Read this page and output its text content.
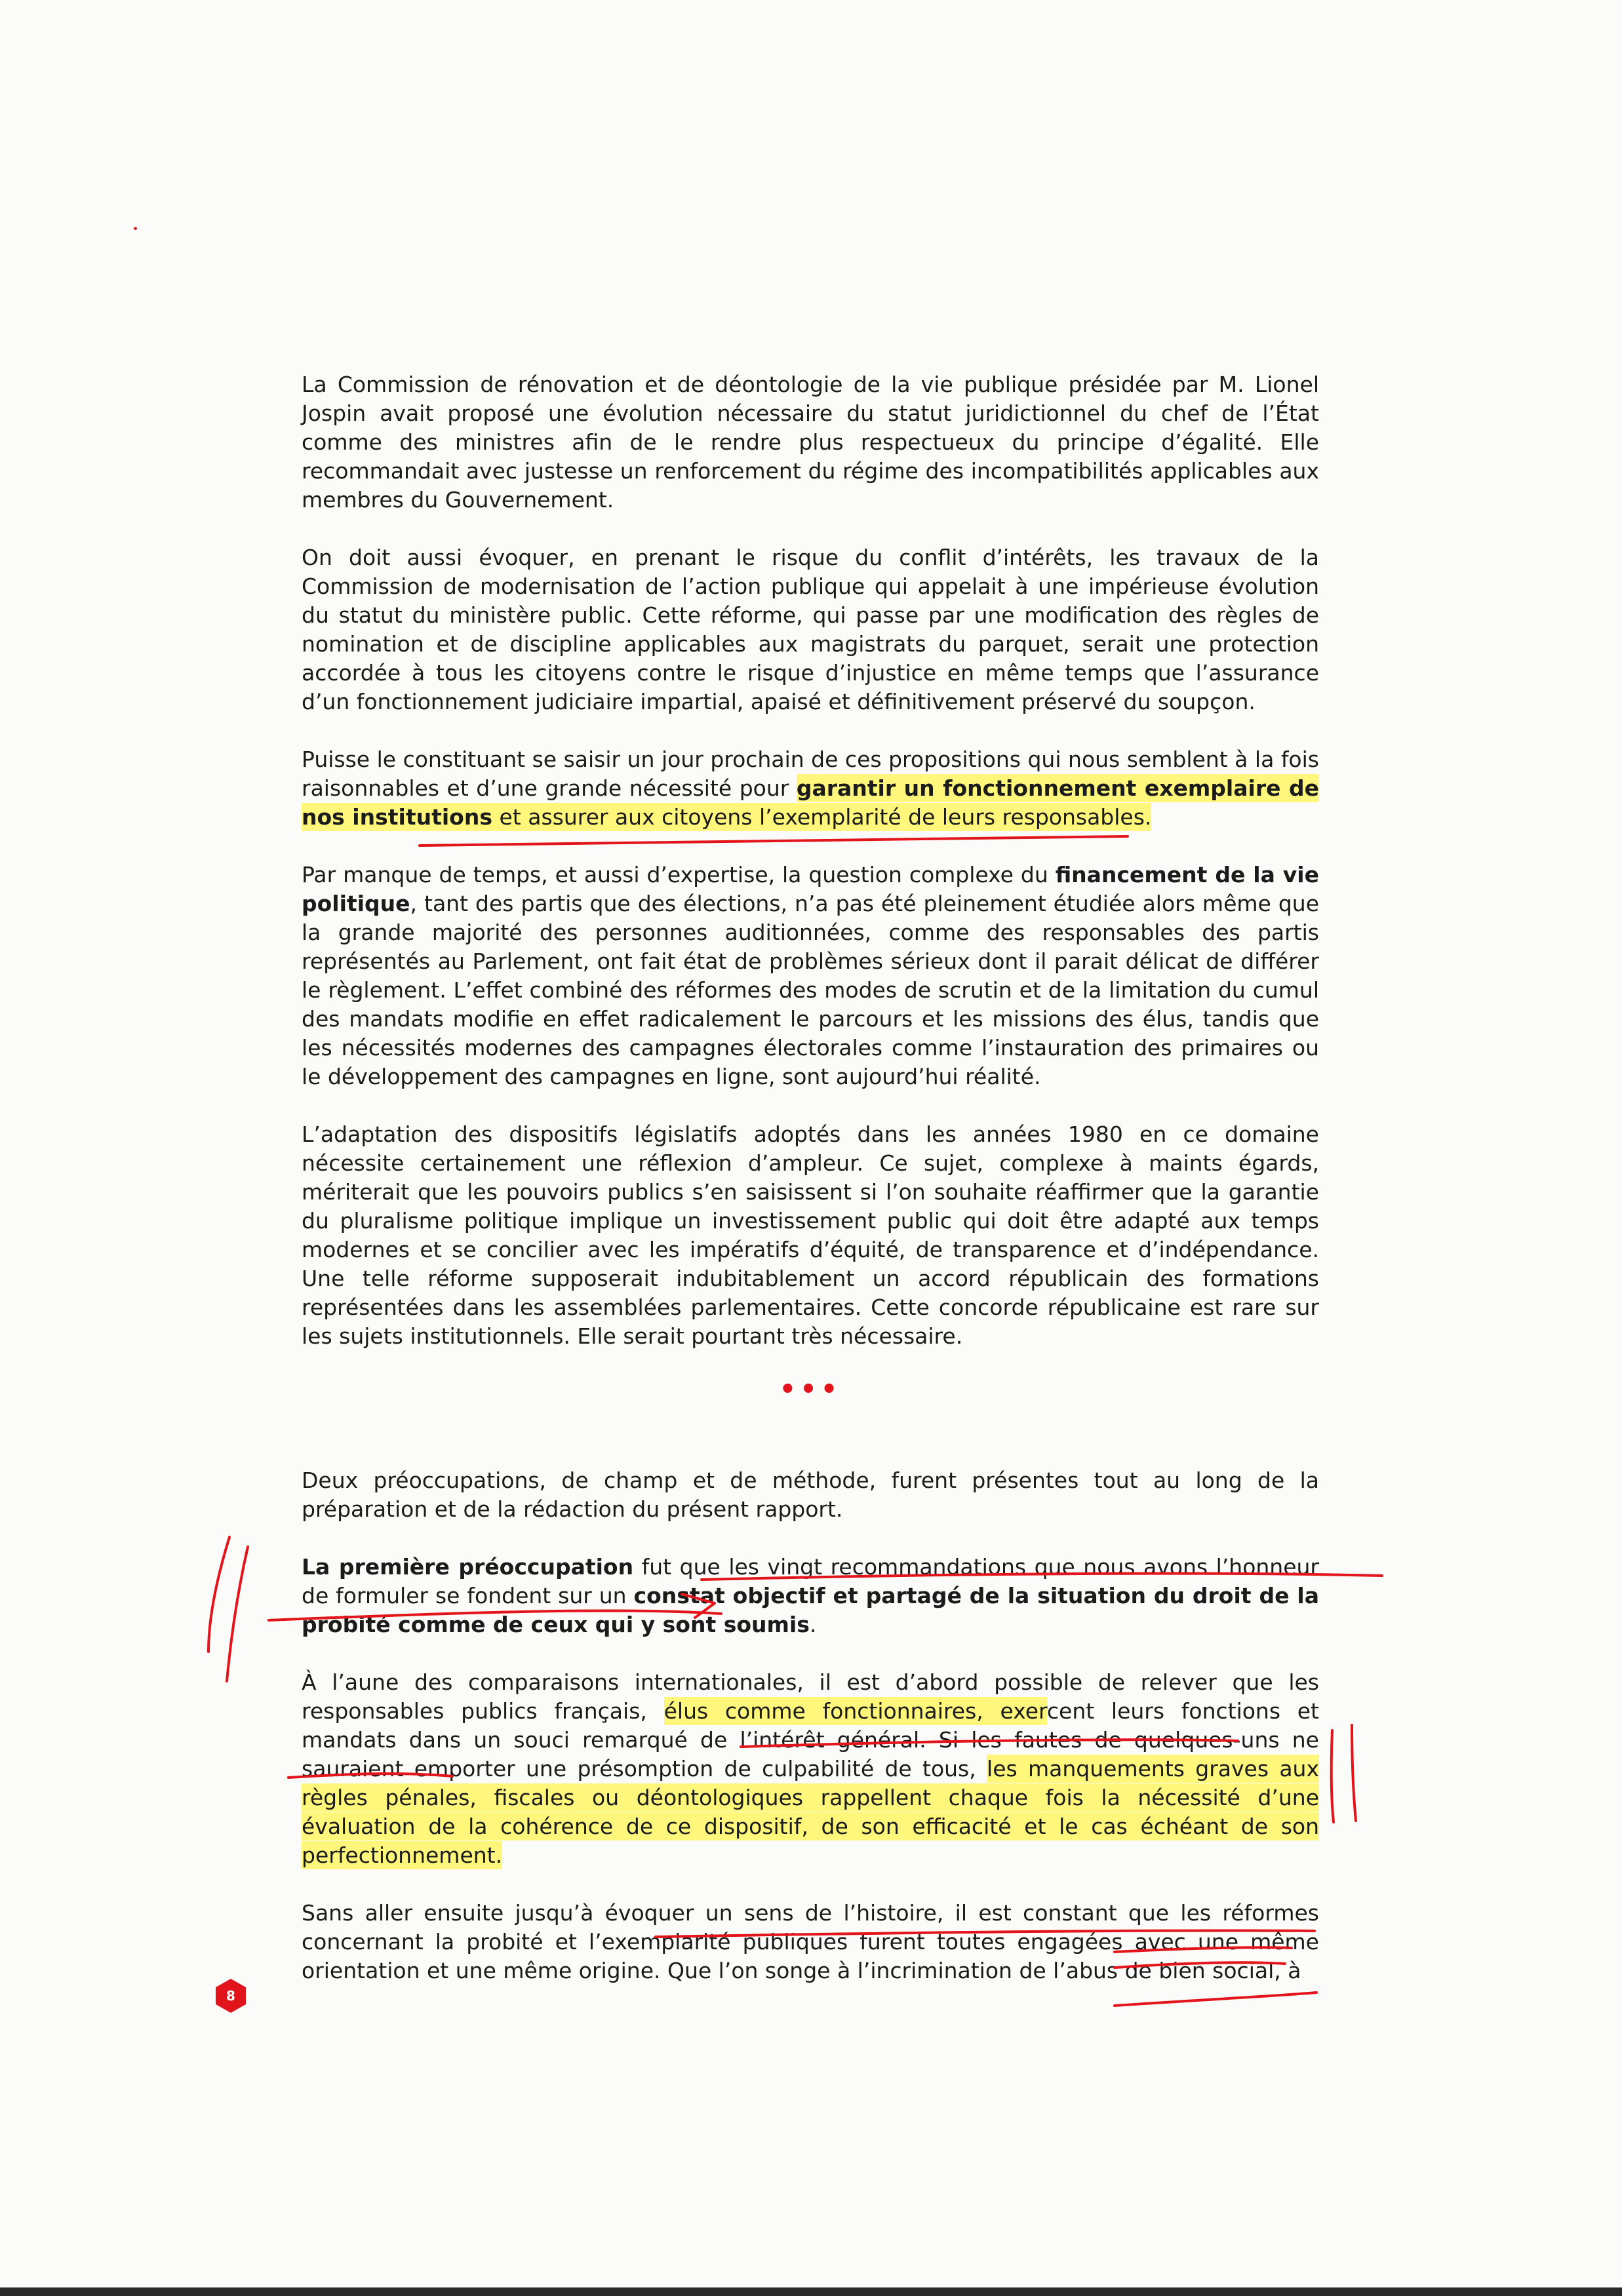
La Commission de rénovation et de déontologie de la vie publique présidée par M. Lionel Jospin avait proposé une évolution nécessaire du statut juridictionnel du chef de l’État comme des ministres afin de le rendre plus respectueux du principe d’égalité. Elle recommandait avec justesse un renforcement du régime des incompatibilités applicables aux membres du Gouvernement.

On doit aussi évoquer, en prenant le risque du conflit d’intérêts, les travaux de la Commission de modernisation de l’action publique qui appelait à une impérieuse évolution du statut du ministère public. Cette réforme, qui passe par une modification des règles de nomination et de discipline applicables aux magistrats du parquet, serait une protection accordée à tous les citoyens contre le risque d’injustice en même temps que l’assurance d’un fonctionnement judiciaire impartial, apaisé et définitivement préservé du soupçon.

Puisse le constituant se saisir un jour prochain de ces propositions qui nous semblent à la fois raisonnables et d’une grande nécessité pour garantir un fonctionnement exemplaire de nos institutions et assurer aux citoyens l’exemplarité de leurs responsables.

Par manque de temps, et aussi d’expertise, la question complexe du financement de la vie politique, tant des partis que des élections, n’a pas été pleinement étudiée alors même que la grande majorité des personnes auditionnées, comme des responsables des partis représentés au Parlement, ont fait état de problèmes sérieux dont il parait délicat de différer le règlement. L’effet combiné des réformes des modes de scrutin et de la limitation du cumul des mandats modifie en effet radicalement le parcours et les missions des élus, tandis que les nécessités modernes des campagnes électorales comme l’instauration des primaires ou le développement des campagnes en ligne, sont aujourd’hui réalité.

L’adaptation des dispositifs législatifs adoptés dans les années 1980 en ce domaine nécessite certainement une réflexion d’ampleur. Ce sujet, complexe à maints égards, mériterait que les pouvoirs publics s’en saisissent si l’on souhaite réaffirmer que la garantie du pluralisme politique implique un investissement public qui doit être adapté aux temps modernes et se concilier avec les impératifs d’équité, de transparence et d’indépendance. Une telle réforme supposerait indubitablement un accord républicain des formations représentées dans les assemblées parlementaires. Cette concorde républicaine est rare sur les sujets institutionnels. Elle serait pourtant très nécessaire.

•••

Deux préoccupations, de champ et de méthode, furent présentes tout au long de la préparation et de la rédaction du présent rapport.

La première préoccupation fut que les vingt recommandations que nous avons l’honneur de formuler se fondent sur un constat objectif et partagé de la situation du droit de la probité comme de ceux qui y sont soumis.

À l’aune des comparaisons internationales, il est d’abord possible de relever que les responsables publics français, élus comme fonctionnaires, exercent leurs fonctions et mandats dans un souci remarqué de l’intérêt général. Si les fautes de quelques-uns ne sauraient emporter une présomption de culpabilité de tous, les manquements graves aux règles pénales, fiscales ou déontologiques rappellent chaque fois la nécessité d’une évaluation de la cohérence de ce dispositif, de son efficacité et le cas échéant de son perfectionnement.

Sans aller ensuite jusqu’à évoquer un sens de l’histoire, il est constant que les réformes concernant la probité et l’exemplarité publiques furent toutes engagées avec une même orientation et une même origine. Que l’on songe à l’incrimination de l’abus de bien social, à

8
